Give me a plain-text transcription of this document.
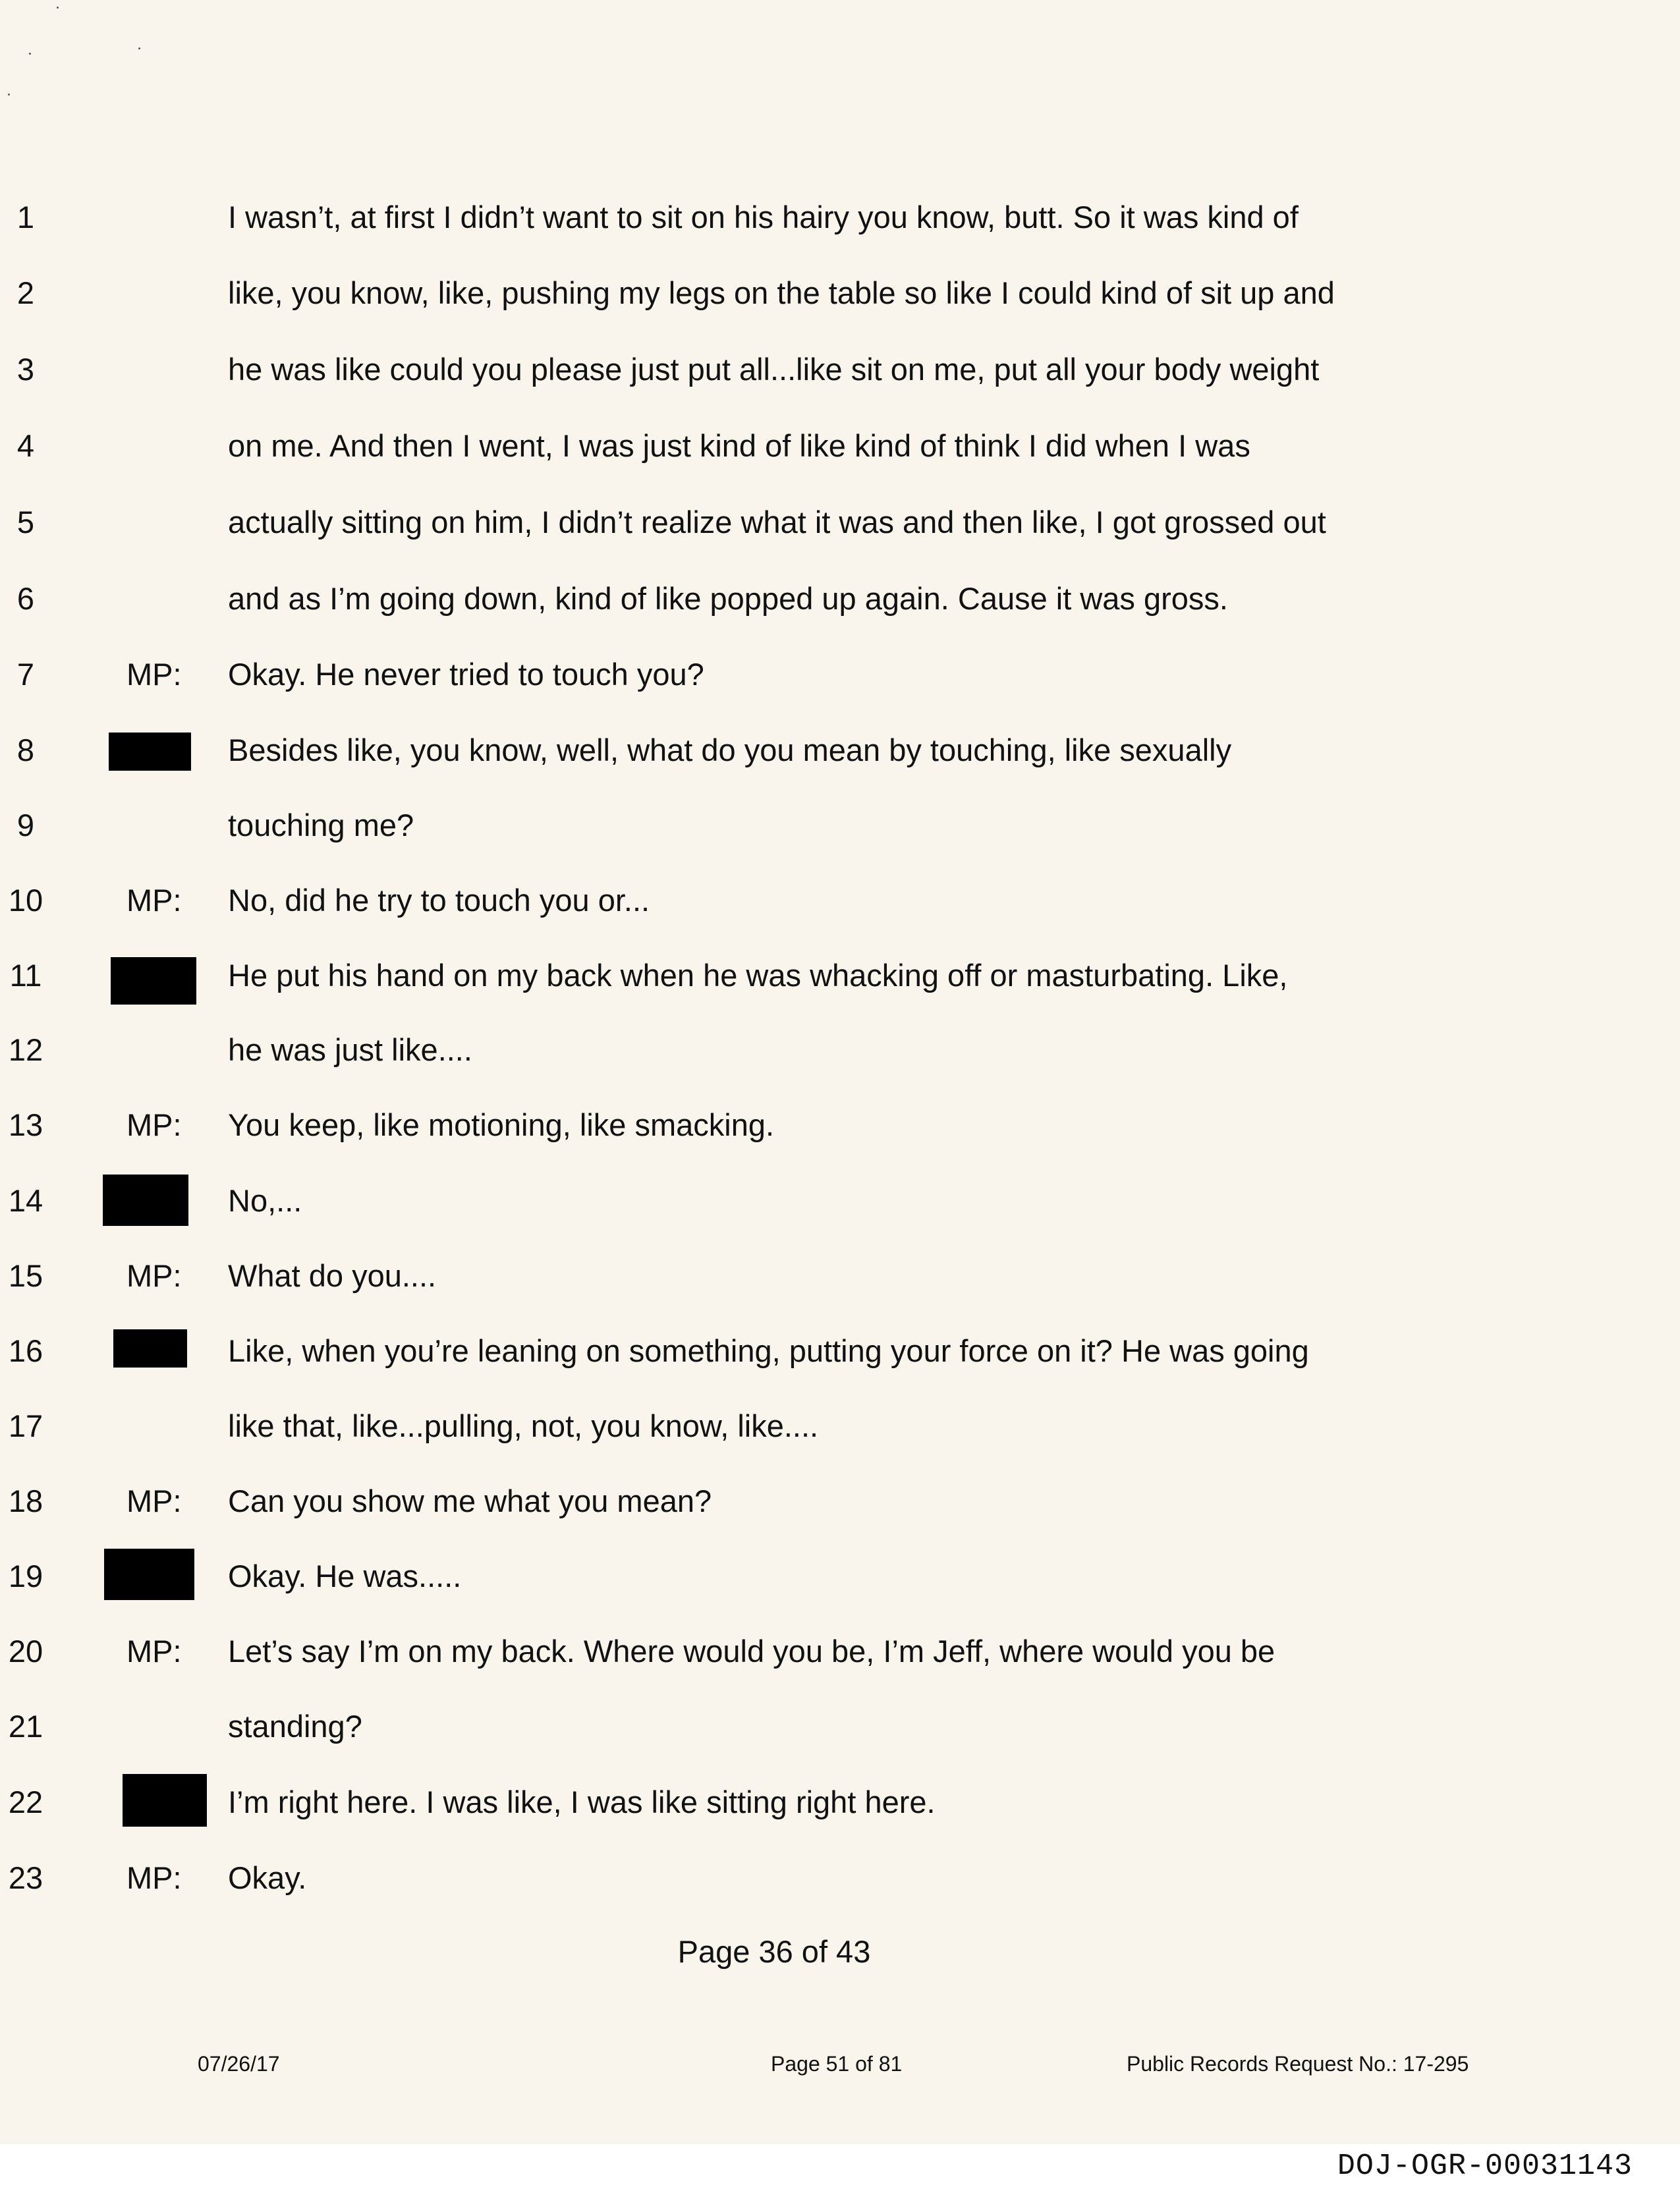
1	I wasn’t, at first I didn’t want to sit on his hairy you know, butt. So it was kind of
2	like, you know, like, pushing my legs on the table so like I could kind of sit up and
3	he was like could you please just put all...like sit on me, put all your body weight
4	on me. And then I went, I was just kind of like kind of think I did when I was
5	actually sitting on him, I didn’t realize what it was and then like, I got grossed out
6	and as I’m going down, kind of like popped up again. Cause it was gross.
7	MP: Okay. He never tried to touch you?
8	Besides like, you know, well, what do you mean by touching, like sexually
9	touching me?
10	MP: No, did he try to touch you or...
11	He put his hand on my back when he was whacking off or masturbating. Like,
12	he was just like....
13	MP: You keep, like motioning, like smacking.
14	No,...
15	MP: What do you....
16	Like, when you’re leaning on something, putting your force on it? He was going
17	like that, like...pulling, not, you know, like....
18	MP: Can you show me what you mean?
19	Okay. He was.....
20	MP: Let’s say I’m on my back. Where would you be, I’m Jeff, where would you be
21	standing?
22	I’m right here. I was like, I was like sitting right here.
23	MP: Okay.
Page 36 of 43
07/26/17	Page 51 of 81	Public Records Request No.: 17-295
DOJ-OGR-00031143
